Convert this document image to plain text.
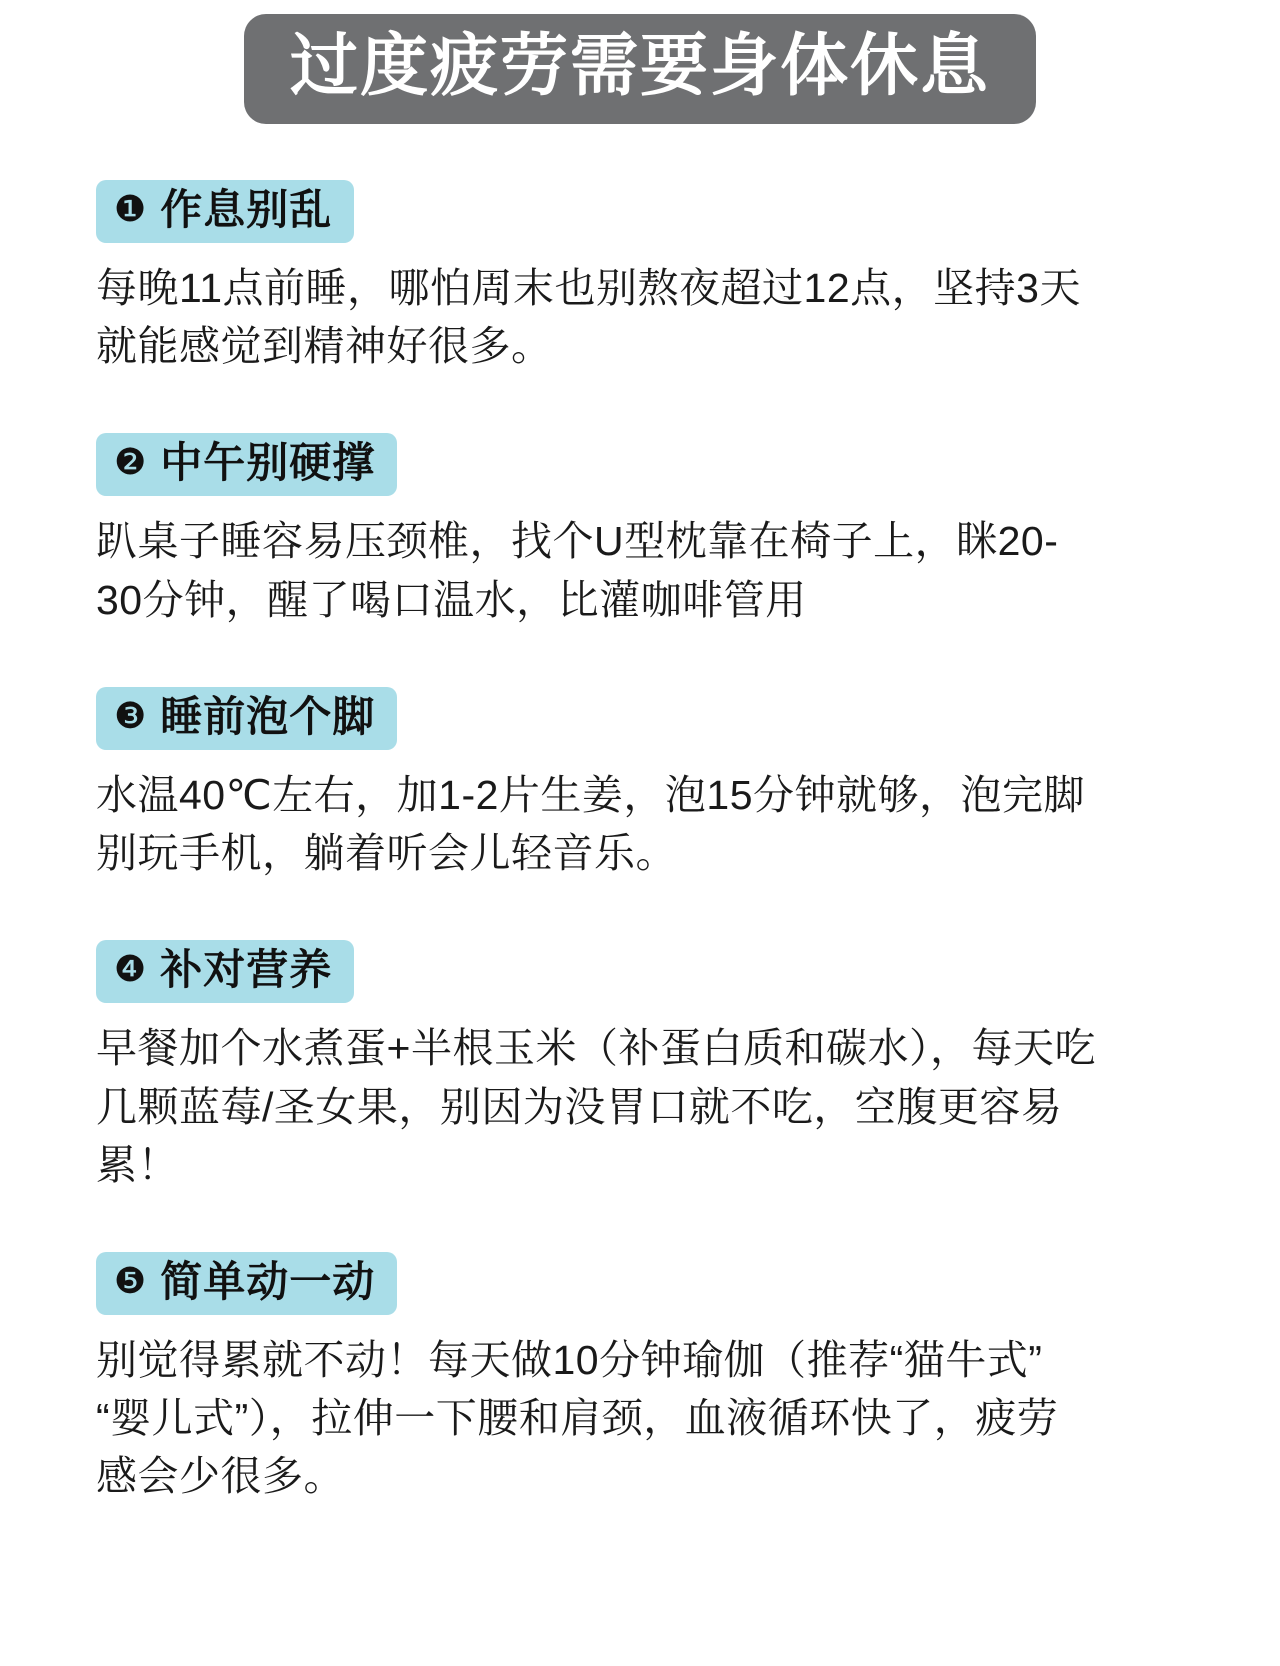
过度疲劳需要身体休息
❶ 作息别乱
每晚11点前睡，哪怕周末也别熬夜超过12点，坚持3天就能感觉到精神好很多。
❷ 中午别硬撑
趴桌子睡容易压颈椎，找个U型枕靠在椅子上，眯20-30分钟，醒了喝口温水，比灌咖啡管用
❸ 睡前泡个脚
水温40℃左右，加1-2片生姜，泡15分钟就够，泡完脚别玩手机，躺着听会儿轻音乐。
❹ 补对营养
早餐加个水煮蛋+半根玉米（补蛋白质和碳水），每天吃几颗蓝莓/圣女果，别因为没胃口就不吃，空腹更容易累！
❺ 简单动一动
别觉得累就不动！每天做10分钟瑜伽（推荐“猫牛式”“婴儿式”），拉伸一下腰和肩颈，血液循环快了，疲劳感会少很多。
